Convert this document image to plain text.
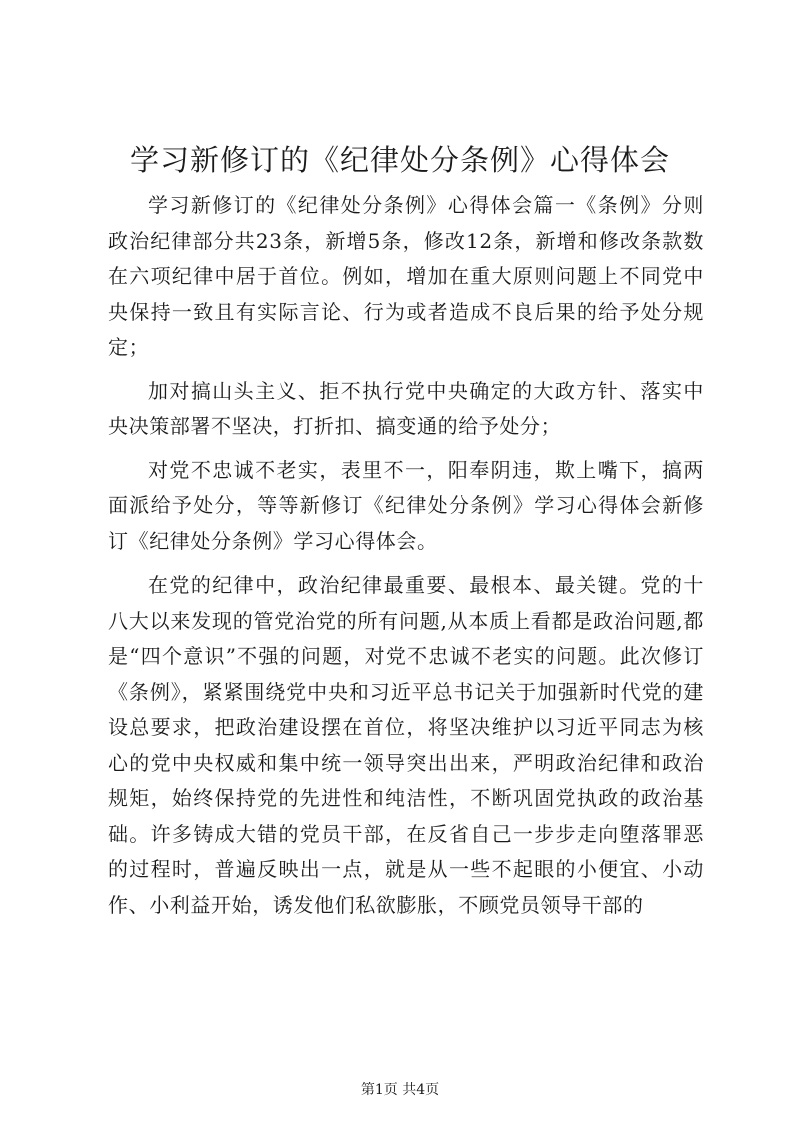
学习新修订的《纪律处分条例》心得体会

学习新修订的《纪律处分条例》心得体会篇一《条例》分则政治纪律部分共23条，新增5条，修改12条，新增和修改条款数在六项纪律中居于首位。例如，增加在重大原则问题上不同党中央保持一致且有实际言论、行为或者造成不良后果的给予处分规定；

加对搞山头主义、拒不执行党中央确定的大政方针、落实中央决策部署不坚决，打折扣、搞变通的给予处分；

对党不忠诚不老实，表里不一，阳奉阴违，欺上嘴下，搞两面派给予处分，等等新修订《纪律处分条例》学习心得体会新修订《纪律处分条例》学习心得体会。

在党的纪律中，政治纪律最重要、最根本、最关键。党的十八大以来发现的管党治党的所有问题,从本质上看都是政治问题,都是“四个意识”不强的问题，对党不忠诚不老实的问题。此次修订《条例》，紧紧围绕党中央和习近平总书记关于加强新时代党的建设总要求，把政治建设摆在首位，将坚决维护以习近平同志为核心的党中央权威和集中统一领导突出出来，严明政治纪律和政治规矩，始终保持党的先进性和纯洁性，不断巩固党执政的政治基础。许多铸成大错的党员干部，在反省自己一步步走向堕落罪恶的过程时，普遍反映出一点，就是从一些不起眼的小便宜、小动作、小利益开始，诱发他们私欲膨胀，不顾党员领导干部的

第1页 共4页
